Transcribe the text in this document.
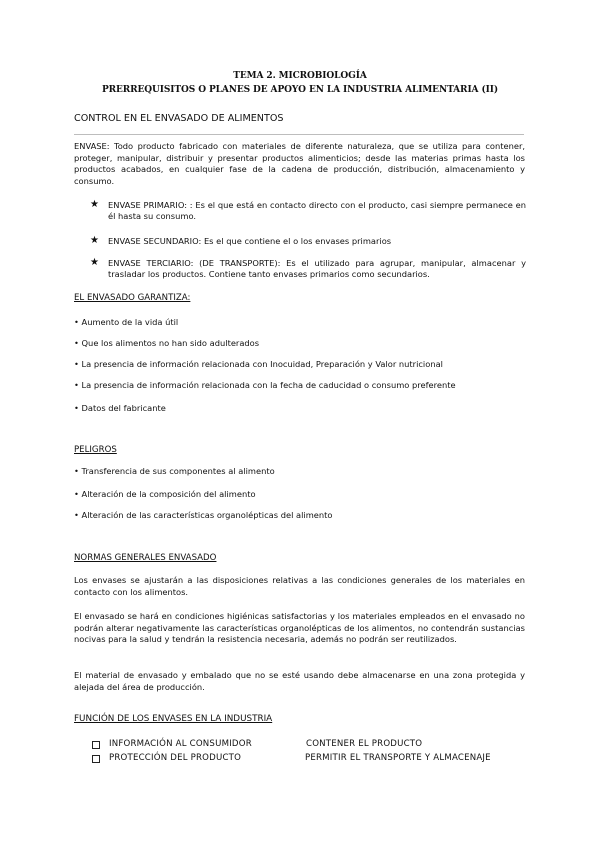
TEMA 2. MICROBIOLOGÍA
PRERREQUISITOS O PLANES DE APOYO EN LA INDUSTRIA ALIMENTARIA (II)
CONTROL EN EL ENVASADO DE ALIMENTOS
ENVASE: Todo producto fabricado con materiales de diferente naturaleza, que se utiliza para contener, proteger, manipular, distribuir y presentar productos alimenticios; desde las materias primas hasta los productos acabados, en cualquier fase de la cadena de producción, distribución, almacenamiento y consumo.
★ ENVASE PRIMARIO: : Es el que está en contacto directo con el producto, casi siempre permanece en él hasta su consumo.
★ ENVASE SECUNDARIO: Es el que contiene el o los envases primarios
★ ENVASE TERCIARIO: (DE TRANSPORTE): Es el utilizado para agrupar, manipular, almacenar y trasladar los productos. Contiene tanto envases primarios como secundarios.
EL ENVASADO GARANTIZA:
• Aumento de la vida útil
• Que los alimentos no han sido adulterados
• La presencia de información relacionada con Inocuidad, Preparación y Valor nutricional
• La presencia de información relacionada con la fecha de caducidad o consumo preferente
• Datos del fabricante
PELIGROS
• Transferencia de sus componentes al alimento
• Alteración de la composición del alimento
• Alteración de las características organolépticas del alimento
NORMAS GENERALES ENVASADO
Los envases se ajustarán a las disposiciones relativas a las condiciones generales de los materiales en contacto con los alimentos.
El envasado se hará en condiciones higiénicas satisfactorias y los materiales empleados en el envasado no podrán alterar negativamente las características organolépticas de los alimentos, no contendrán sustancias nocivas para la salud y tendrán la resistencia necesaria, además no podrán ser reutilizados.
El material de envasado y embalado que no se esté usando debe almacenarse en una zona protegida y alejada del área de producción.
FUNCIÓN DE LOS ENVASES EN LA INDUSTRIA
INFORMACIÓN AL CONSUMIDOR	CONTENER EL PRODUCTO
PROTECCIÓN DEL PRODUCTO	PERMITIR EL TRANSPORTE Y ALMACENAJE
